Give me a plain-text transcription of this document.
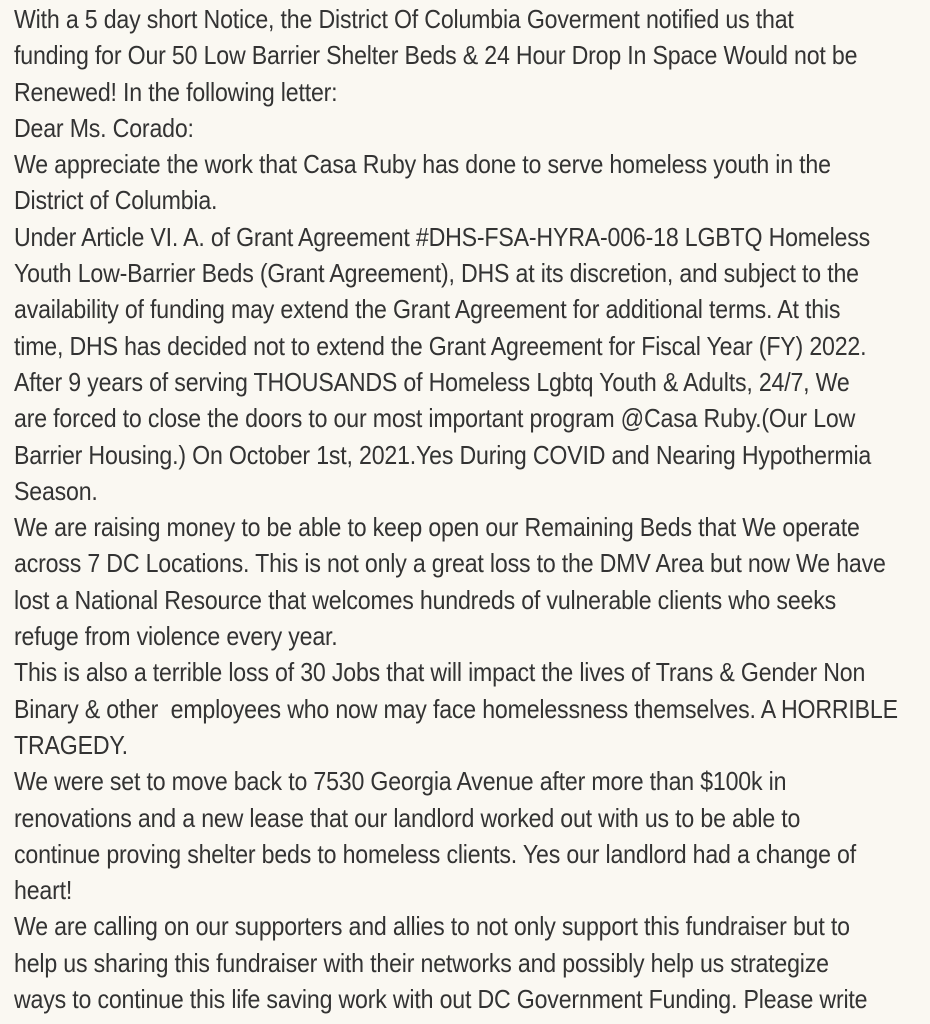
With a 5 day short Notice, the District Of Columbia Goverment notified us that
funding for Our 50 Low Barrier Shelter Beds & 24 Hour Drop In Space Would not be
Renewed! In the following letter:
Dear Ms. Corado:
We appreciate the work that Casa Ruby has done to serve homeless youth in the
District of Columbia.
Under Article VI. A. of Grant Agreement #DHS-FSA-HYRA-006-18 LGBTQ Homeless
Youth Low-Barrier Beds (Grant Agreement), DHS at its discretion, and subject to the
availability of funding may extend the Grant Agreement for additional terms. At this
time, DHS has decided not to extend the Grant Agreement for Fiscal Year (FY) 2022.
After 9 years of serving THOUSANDS of Homeless Lgbtq Youth & Adults, 24/7, We
are forced to close the doors to our most important program @Casa Ruby.(Our Low
Barrier Housing.) On October 1st, 2021.Yes During COVID and Nearing Hypothermia
Season.
We are raising money to be able to keep open our Remaining Beds that We operate
across 7 DC Locations. This is not only a great loss to the DMV Area but now We have
lost a National Resource that welcomes hundreds of vulnerable clients who seeks
refuge from violence every year.
This is also a terrible loss of 30 Jobs that will impact the lives of Trans & Gender Non
Binary & other  employees who now may face homelessness themselves. A HORRIBLE
TRAGEDY.
We were set to move back to 7530 Georgia Avenue after more than $100k in
renovations and a new lease that our landlord worked out with us to be able to
continue proving shelter beds to homeless clients. Yes our landlord had a change of
heart!
We are calling on our supporters and allies to not only support this fundraiser but to
help us sharing this fundraiser with their networks and possibly help us strategize
ways to continue this life saving work with out DC Government Funding. Please write
